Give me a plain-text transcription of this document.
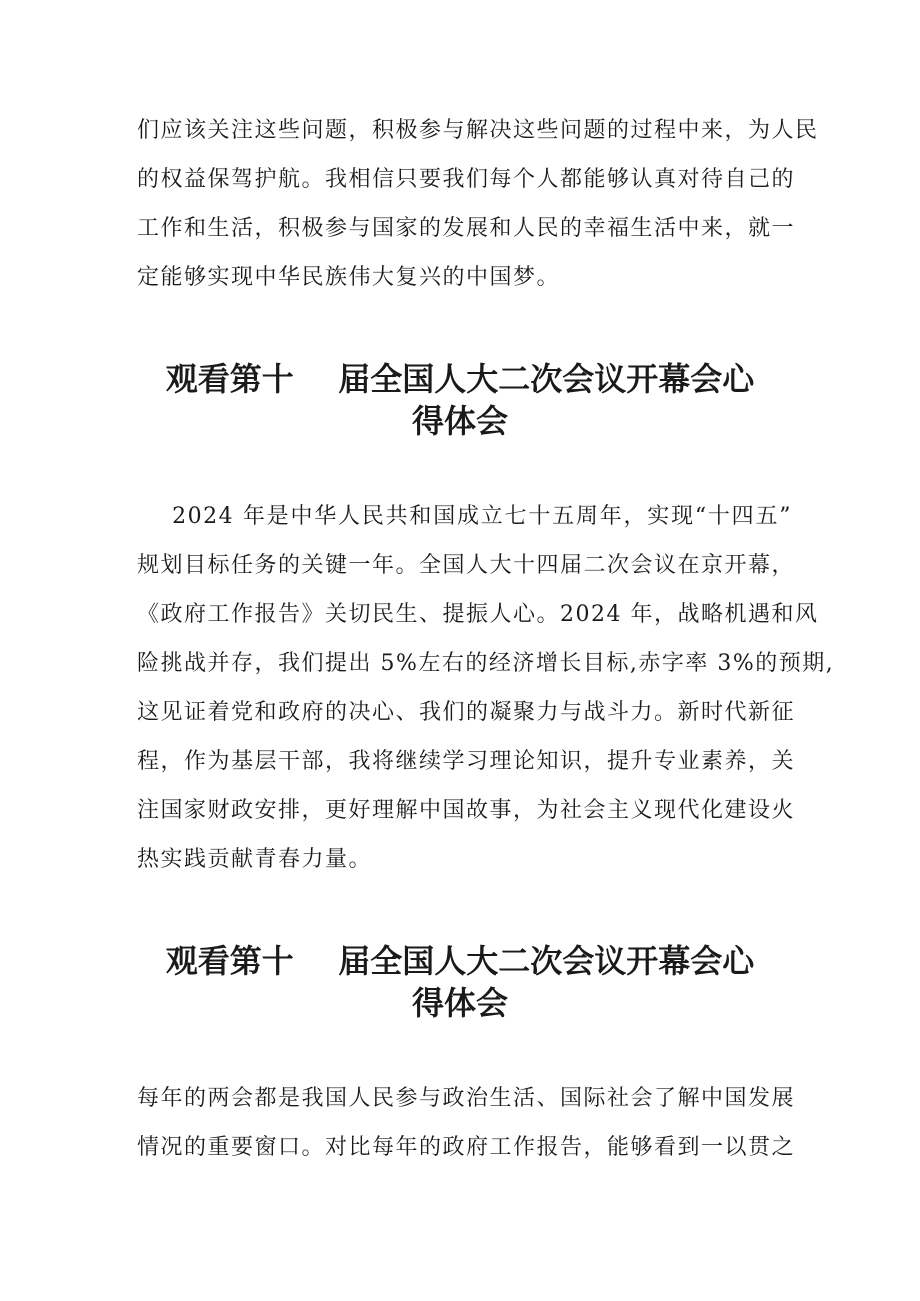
们应该关注这些问题，积极参与解决这些问题的过程中来，为人民
的权益保驾护航。我相信只要我们每个人都能够认真对待自己的
工作和生活，积极参与国家的发展和人民的幸福生活中来，就一
定能够实现中华民族伟大复兴的中国梦。
观看第十    届全国人大二次会议开幕会心
得体会
2024 年是中华人民共和国成立七十五周年，实现“十四五”
规划目标任务的关键一年。全国人大十四届二次会议在京开幕，
《政府工作报告》关切民生、提振人心。2024 年，战略机遇和风
险挑战并存，我们提出 5%左右的经济增长目标,赤字率 3%的预期,
这见证着党和政府的决心、我们的凝聚力与战斗力。新时代新征
程，作为基层干部，我将继续学习理论知识，提升专业素养，关
注国家财政安排，更好理解中国故事，为社会主义现代化建设火
热实践贡献青春力量。
观看第十    届全国人大二次会议开幕会心
得体会
每年的两会都是我国人民参与政治生活、国际社会了解中国发展
情况的重要窗口。对比每年的政府工作报告，能够看到一以贯之
